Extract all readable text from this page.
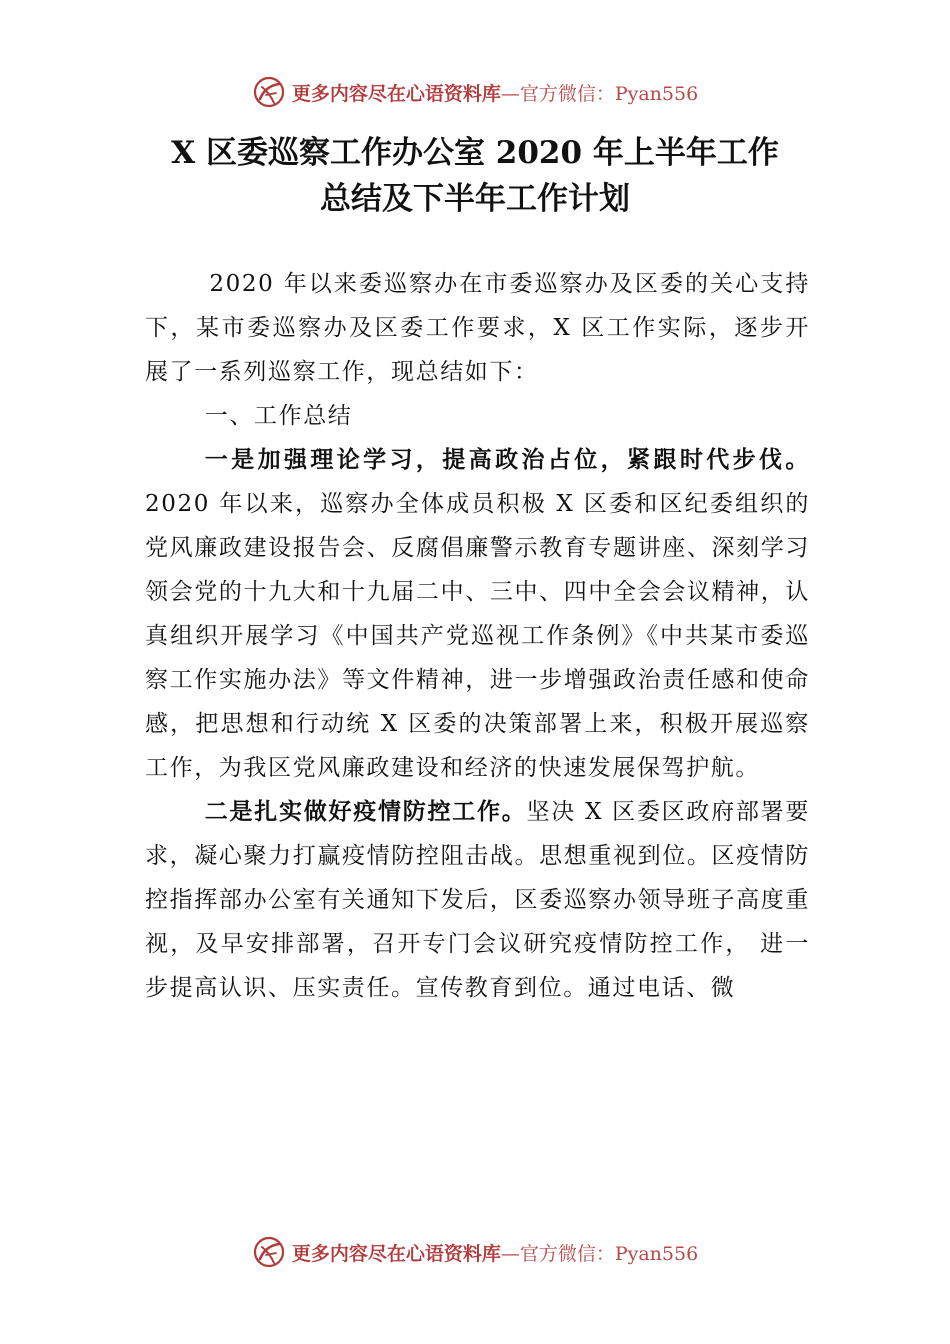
更多内容尽在心语资料库—官方微信：Pyan556
X 区委巡察工作办公室 2020 年上半年工作
总结及下半年工作计划

2020 年以来委巡察办在市委巡察办及区委的关心支持下，某市委巡察办及区委工作要求，X 区工作实际，逐步开展了一系列巡察工作，现总结如下：

一、工作总结

一是加强理论学习，提高政治占位，紧跟时代步伐。2020 年以来，巡察办全体成员积极 X 区委和区纪委组织的党风廉政建设报告会、反腐倡廉警示教育专题讲座、深刻学习领会党的十九大和十九届二中、三中、四中全会会议精神，认真组织开展学习《中国共产党巡视工作条例》《中共某市委巡察工作实施办法》等文件精神，进一步增强政治责任感和使命感，把思想和行动统 X 区委的决策部署上来，积极开展巡察工作，为我区党风廉政建设和经济的快速发展保驾护航。

二是扎实做好疫情防控工作。坚决 X 区委区政府部署要求，凝心聚力打赢疫情防控阻击战。思想重视到位。区疫情防控指挥部办公室有关通知下发后，区委巡察办领导班子高度重视，及早安排部署，召开专门会议研究疫情防控工作， 进一步提高认识、压实责任。宣传教育到位。通过电话、微

更多内容尽在心语资料库—官方微信：Pyan556
